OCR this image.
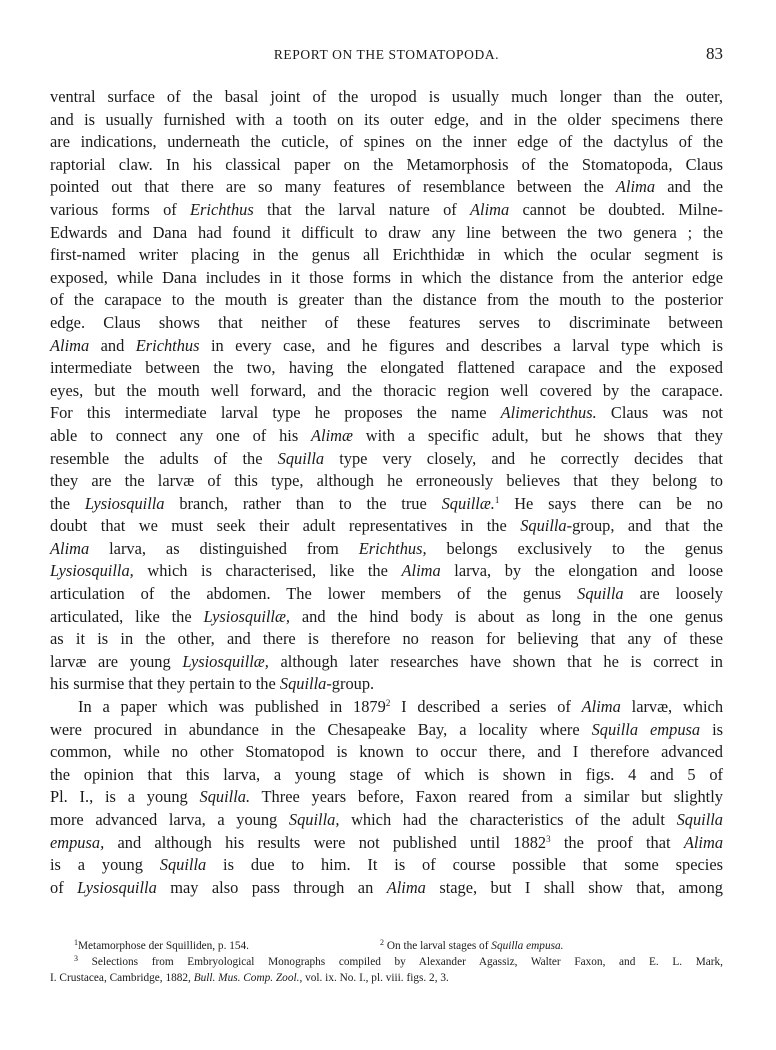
REPORT ON THE STOMATOPODA.	83
ventral surface of the basal joint of the uropod is usually much longer than the outer,
and is usually furnished with a tooth on its outer edge, and in the older specimens there
are indications, underneath the cuticle, of spines on the inner edge of the dactylus of the
raptorial claw. In his classical paper on the Metamorphosis of the Stomatopoda, Claus
pointed out that there are so many features of resemblance between the Alima and the
various forms of Erichthus that the larval nature of Alima cannot be doubted. Milne-
Edwards and Dana had found it difficult to draw any line between the two genera ; the
first-named writer placing in the genus all Erichthidæ in which the ocular segment is
exposed, while Dana includes in it those forms in which the distance from the anterior edge
of the carapace to the mouth is greater than the distance from the mouth to the posterior
edge. Claus shows that neither of these features serves to discriminate between
Alima and Erichthus in every case, and he figures and describes a larval type which is
intermediate between the two, having the elongated flattened carapace and the exposed
eyes, but the mouth well forward, and the thoracic region well covered by the carapace.
For this intermediate larval type he proposes the name Alimerichthus. Claus was not
able to connect any one of his Alimæ with a specific adult, but he shows that they
resemble the adults of the Squilla type very closely, and he correctly decides that
they are the larvæ of this type, although he erroneously believes that they belong to
the Lysiosquilla branch, rather than to the true Squillæ.$^1$ He says there can be no
doubt that we must seek their adult representatives in the Squilla-group, and that the
Alima larva, as distinguished from Erichthus, belongs exclusively to the genus
Lysiosquilla, which is characterised, like the Alima larva, by the elongation and loose
articulation of the abdomen. The lower members of the genus Squilla are loosely
articulated, like the Lysiosquillæ, and the hind body is about as long in the one genus
as it is in the other, and there is therefore no reason for believing that any of these
larvæ are young Lysiosquillæ, although later researches have shown that he is correct in
his surmise that they pertain to the Squilla-group.
In a paper which was published in 1879$^2$ I described a series of Alima larvæ, which
were procured in abundance in the Chesapeake Bay, a locality where Squilla empusa is
common, while no other Stomatopod is known to occur there, and I therefore advanced
the opinion that this larva, a young stage of which is shown in figs. 4 and 5 of
Pl. I., is a young Squilla. Three years before, Faxon reared from a similar but slightly
more advanced larva, a young Squilla, which had the characteristics of the adult Squilla
empusa, and although his results were not published until 1882$^3$ the proof that Alima
is a young Squilla is due to him. It is of course possible that some species
of Lysiosquilla may also pass through an Alima stage, but I shall show that, among
$^1$Metamorphose der Squilliden, p. 154.	$^2$ On the larval stages of Squilla empusa.
$^3$ Selections from Embryological Monographs compiled by Alexander Agassiz, Walter Faxon, and E. L. Mark,
I. Crustacea, Cambridge, 1882, Bull. Mus. Comp. Zool., vol. ix. No. I., pl. viii. figs. 2, 3.
